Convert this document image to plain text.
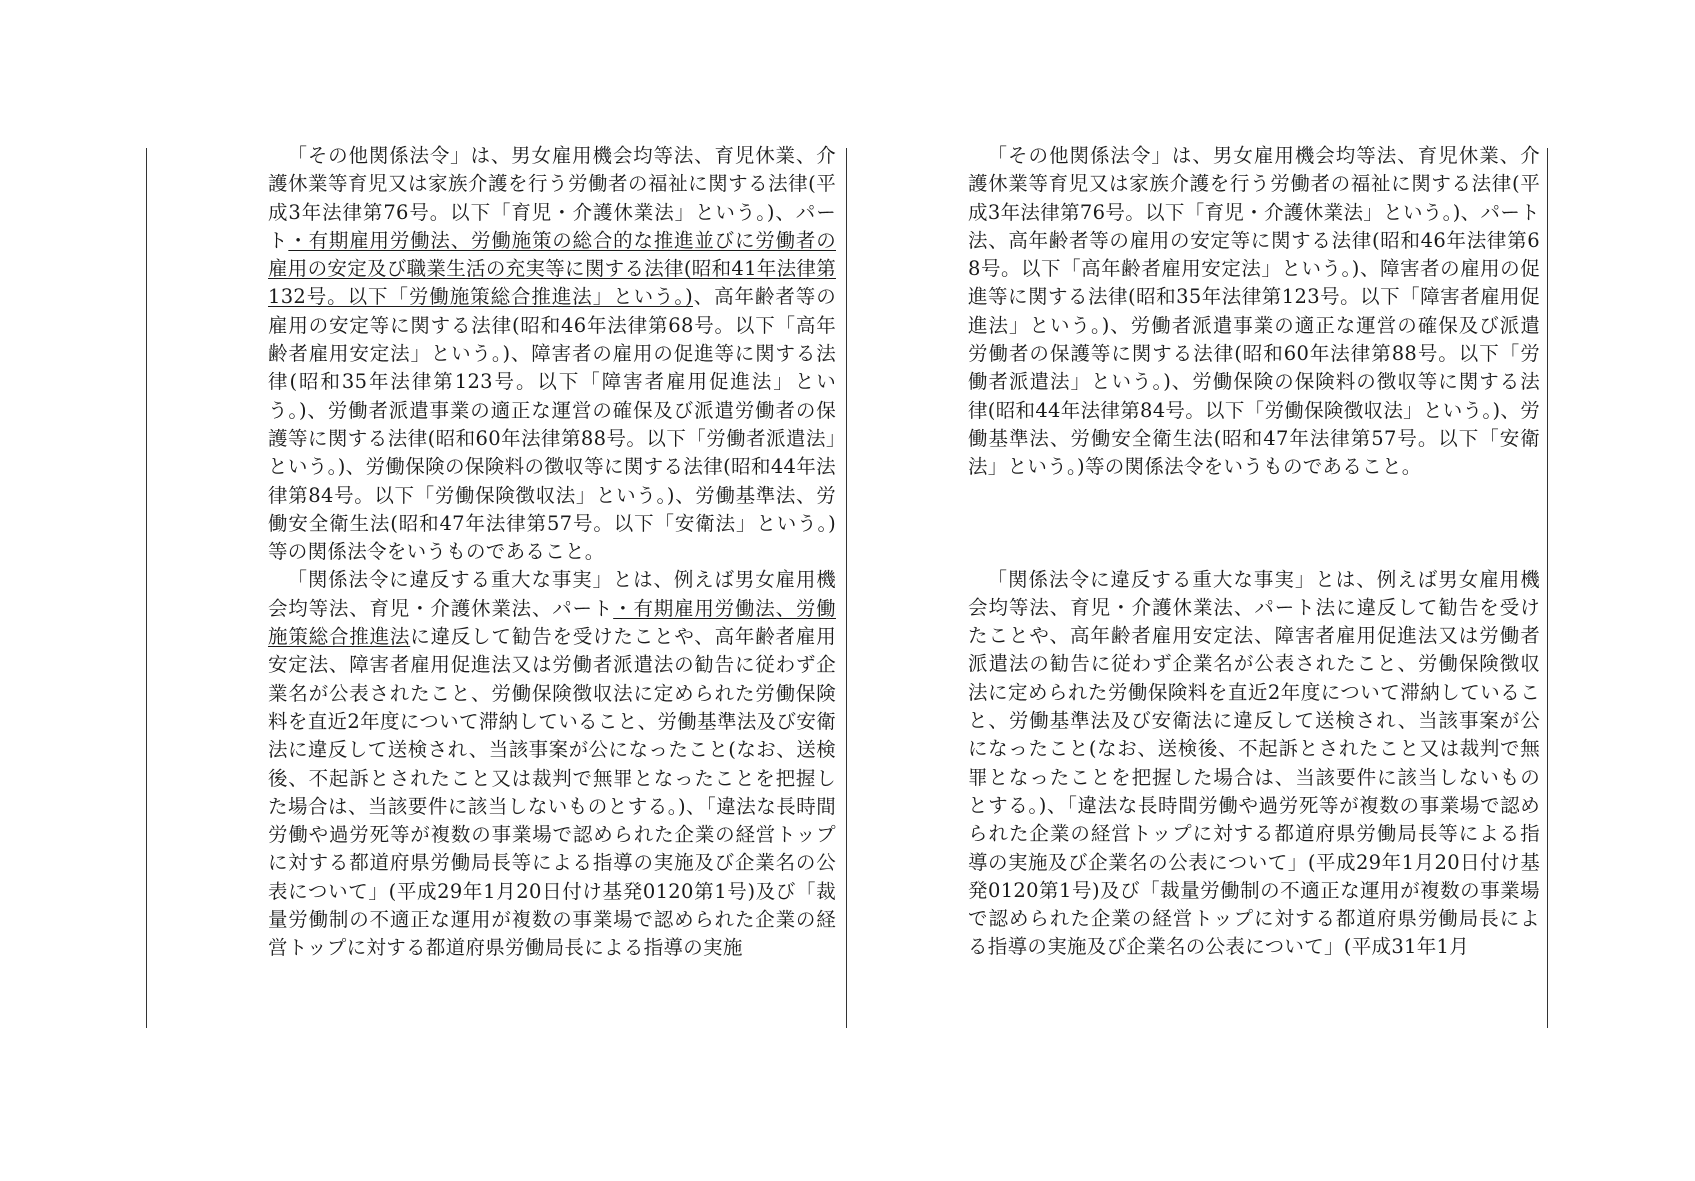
「その他関係法令」は、男女雇用機会均等法、育児休業、介護休業等育児又は家族介護を行う労働者の福祉に関する法律(平成3年法律第76号。以下「育児・介護休業法」という。)、パート・有期雇用労働法、労働施策の総合的な推進並びに労働者の雇用の安定及び職業生活の充実等に関する法律(昭和41年法律第132号。以下「労働施策総合推進法」という。)、高年齢者等の雇用の安定等に関する法律(昭和46年法律第68号。以下「高年齢者雇用安定法」という。)、障害者の雇用の促進等に関する法律(昭和35年法律第123号。以下「障害者雇用促進法」という。)、労働者派遣事業の適正な運営の確保及び派遣労働者の保護等に関する法律(昭和60年法律第88号。以下「労働者派遣法」という。)、労働保険の保険料の徴収等に関する法律(昭和44年法律第84号。以下「労働保険徴収法」という。)、労働基準法、労働安全衛生法(昭和47年法律第57号。以下「安衛法」という。)等の関係法令をいうものであること。

「関係法令に違反する重大な事実」とは、例えば男女雇用機会均等法、育児・介護休業法、パート・有期雇用労働法、労働施策総合推進法に違反して勧告を受けたことや、高年齢者雇用安定法、障害者雇用促進法又は労働者派遣法の勧告に従わず企業名が公表されたこと、労働保険徴収法に定められた労働保険料を直近2年度について滞納していること、労働基準法及び安衛法に違反して送検され、当該事案が公になったこと(なお、送検後、不起訴とされたこと又は裁判で無罪となったことを把握した場合は、当該要件に該当しないものとする。)、「違法な長時間労働や過労死等が複数の事業場で認められた企業の経営トップに対する都道府県労働局長等による指導の実施及び企業名の公表について」(平成29年1月20日付け基発0120第1号)及び「裁量労働制の不適正な運用が複数の事業場で認められた企業の経営トップに対する都道府県労働局長による指導の実施

「その他関係法令」は、男女雇用機会均等法、育児休業、介護休業等育児又は家族介護を行う労働者の福祉に関する法律(平成3年法律第76号。以下「育児・介護休業法」という。)、パート法、高年齢者等の雇用の安定等に関する法律(昭和46年法律第68号。以下「高年齢者雇用安定法」という。)、障害者の雇用の促進等に関する法律(昭和35年法律第123号。以下「障害者雇用促進法」という。)、労働者派遣事業の適正な運営の確保及び派遣労働者の保護等に関する法律(昭和60年法律第88号。以下「労働者派遣法」という。)、労働保険の保険料の徴収等に関する法律(昭和44年法律第84号。以下「労働保険徴収法」という。)、労働基準法、労働安全衛生法(昭和47年法律第57号。以下「安衛法」という。)等の関係法令をいうものであること。

「関係法令に違反する重大な事実」とは、例えば男女雇用機会均等法、育児・介護休業法、パート法に違反して勧告を受けたことや、高年齢者雇用安定法、障害者雇用促進法又は労働者派遣法の勧告に従わず企業名が公表されたこと、労働保険徴収法に定められた労働保険料を直近2年度について滞納していること、労働基準法及び安衛法に違反して送検され、当該事案が公になったこと(なお、送検後、不起訴とされたこと又は裁判で無罪となったことを把握した場合は、当該要件に該当しないものとする。)、「違法な長時間労働や過労死等が複数の事業場で認められた企業の経営トップに対する都道府県労働局長等による指導の実施及び企業名の公表について」(平成29年1月20日付け基発0120第1号)及び「裁量労働制の不適正な運用が複数の事業場で認められた企業の経営トップに対する都道府県労働局長による指導の実施及び企業名の公表について」(平成31年1月
